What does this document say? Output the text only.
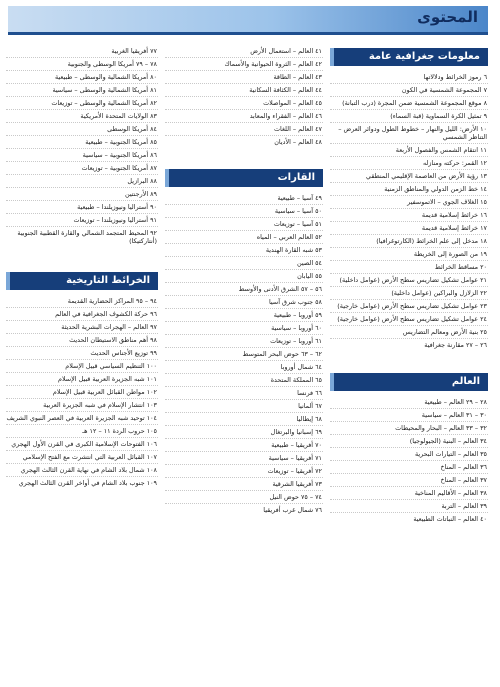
المحتوى
معلومات جغرافية عامة
٦ رموز الخرائط ودلالاتها
٧ المجموعة الشمسية في الكون
٨ موقع المجموعة الشمسية ضمن المجرة (درب التبانة)
٩ تمثيل الكرة السماوية (قبة السماء)
١٠ الأرض: الليل والنهار – خطوط الطول ودوائر العرض – التناظر الشمسي
١١ انتقام الشمس والفصول الأربعة
١٢ القمر: حركته ومنازله
١٣ رؤية الأرض من العاصمة الإقليمي المنطقي
١٤ خط الزمن الدولي والمناطق الزمنية
١٥ الغلاف الجوي – الاتموسفير
١٦ خرائط إسلامية قديمة
١٧ خرائط إسلامية قديمة
١٨ مدخل إلى علم الخرائط (الكارتوغرافيا)
١٩ من الصورة إلى الخريطة
٢٠ مساقط الخرائط
٢١ عوامل تشكيل تضاريس سطح الأرض (عوامل داخلية)
٢٢ الزلازل والبراكين (عوامل داخلية)
٢٣ عوامل تشكيل تضاريس سطح الأرض (عوامل خارجية)
٢٤ عوامل تشكيل تضاريس سطح الأرض (عوامل خارجية)
٢٥ بنية الأرض ومعالم التضاريس
٢٦ – ٢٧ مقارنة جغرافية
العالم
٢٨ – ٢٩ العالم – طبيعية
٣٠ – ٣١ العالم – سياسية
٣٢ – ٣٣ العالم – البحار والمحيطات
٣٤ العالم – البنية (الجيولوجيا)
٣٥ العالم – التيارات البحرية
٣٦ العالم – المناخ
٣٧ العالم – المناخ
٣٨ العالم – الأقاليم المناخية
٣٩ العالم – التربة
٤٠ العالم – النباتات الطبيعية
٤١ العالم – استعمال الأرض
٤٢ العالم – الثروة الحيوانية والأسماك
٤٣ العالم – الطاقة
٤٤ العالم – الكثافة السكانية
٤٥ العالم – المواصلات
٤٦ العالم – الفقراء والمعابد
٤٧ العالم – اللغات
٤٨ العالم – الأديان
القارات
٤٩ آسيا – طبيعية
٥٠ آسيا – سياسية
٥١ آسيا – توزيعات
٥٢ العالم العربي – المياه
٥٣ شبه القارة الهندية
٥٤ الصين
٥٥ اليابان
٥٦ – ٥٧ الشرق الأدنى والأوسط
٥٨ جنوب شرق آسيا
٥٩ أوروبا – طبيعية
٦٠ أوروبا – سياسية
٦١ أوروبا – توزيعات
٦٢ – ٦٣ حوض البحر المتوسط
٦٤ شمال أوروبا
٦٥ المملكة المتحدة
٦٦ فرنسا
٦٧ ألمانيا
٦٨ إيطاليا
٦٩ إسبانيا والبرتغال
٧٠ أفريقيا – طبيعية
٧١ أفريقيا – سياسية
٧٢ أفريقيا – توزيعات
٧٣ أفريقيا الشرقية
٧٤ – ٧٥ حوض النيل
٧٦ شمال غرب أفريقيا
٧٧ أفريقيا الغربية
٧٨ – ٧٩ أمريكا الوسطى والجنوبية
٨٠ أمريكا الشمالية والوسطى – طبيعية
٨١ أمريكا الشمالية والوسطى – سياسية
٨٢ أمريكا الشمالية والوسطى – توزيعات
٨٣ الولايات المتحدة الأمريكية
٨٤ أمريكا الوسطى
٨٥ أمريكا الجنوبية – طبيعية
٨٦ أمريكا الجنوبية – سياسية
٨٧ أمريكا الجنوبية – توزيعات
٨٨ البرازيل
٨٩ الأرجنتين
٩٠ أستراليا ونيوزيلندا – طبيعية
٩١ أستراليا ونيوزيلندا – توزيعات
٩٢ المحيط المتجمد الشمالي والقارة القطبية الجنوبية (أنتاركتيكا)
الخرائط التاريخية
٩٤ – ٩٥ المراكز الحضارية القديمة
٩٦ حركة الكشوف الجغرافية في العالم
٩٧ العالم – الهجرات البشرية الحديثة
٩٨ أهم مناطق الاستيطان الحديث
٩٩ توزيع الأجناس الحديث
١٠٠ التنظيم السياسي قبيل الإسلام
١٠١ شبه الجزيرة العربية قبيل الإسلام
١٠٢ مواطن القبائل العربية قبيل الإسلام
١٠٣ انتشار الإسلام في شبه الجزيرة العربية
١٠٤ توحيد شبه الجزيرة العربية في العصر النبوي الشريف
١٠٥ حروب الردة ١١ – ١٢ هـ
١٠٦ الفتوحات الإسلامية الكبرى في القرن الأول الهجري
١٠٧ القبائل العربية التي انتشرت مع الفتح الإسلامي
١٠٨ شمال بلاد الشام في نهاية القرن الثالث الهجري
١٠٩ جنوب بلاد الشام في أواخر القرن الثالث الهجري
